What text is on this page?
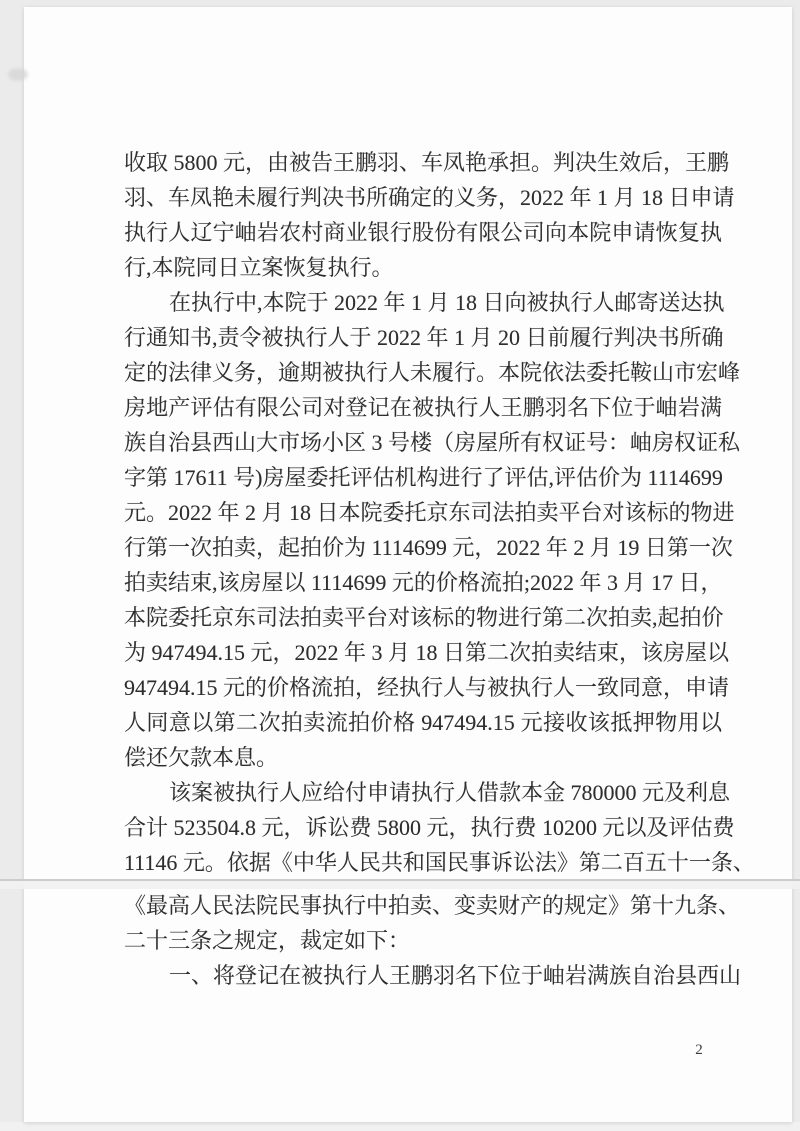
收取 5800 元，由被告王鹏羽、车凤艳承担。判决生效后，王鹏
羽、车凤艳未履行判决书所确定的义务，2022 年 1 月 18 日申请
执行人辽宁岫岩农村商业银行股份有限公司向本院申请恢复执
行,本院同日立案恢复执行。
在执行中,本院于 2022 年 1 月 18 日向被执行人邮寄送达执
行通知书,责令被执行人于 2022 年 1 月 20 日前履行判决书所确
定的法律义务，逾期被执行人未履行。本院依法委托鞍山市宏峰
房地产评估有限公司对登记在被执行人王鹏羽名下位于岫岩满
族自治县西山大市场小区 3 号楼（房屋所有权证号：岫房权证私
字第 17611 号)房屋委托评估机构进行了评估,评估价为 1114699
元。2022 年 2 月 18 日本院委托京东司法拍卖平台对该标的物进
行第一次拍卖，起拍价为 1114699 元，2022 年 2 月 19 日第一次
拍卖结束,该房屋以 1114699 元的价格流拍;2022 年 3 月 17 日，
本院委托京东司法拍卖平台对该标的物进行第二次拍卖,起拍价
为 947494.15 元，2022 年 3 月 18 日第二次拍卖结束，该房屋以
947494.15 元的价格流拍，经执行人与被执行人一致同意，申请
人同意以第二次拍卖流拍价格 947494.15 元接收该抵押物用以
偿还欠款本息。
该案被执行人应给付申请执行人借款本金 780000 元及利息
合计 523504.8 元，诉讼费 5800 元，执行费 10200 元以及评估费
11146 元。依据《中华人民共和国民事诉讼法》第二百五十一条、
《最高人民法院民事执行中拍卖、变卖财产的规定》第十九条、
二十三条之规定，裁定如下：
一、将登记在被执行人王鹏羽名下位于岫岩满族自治县西山
2
